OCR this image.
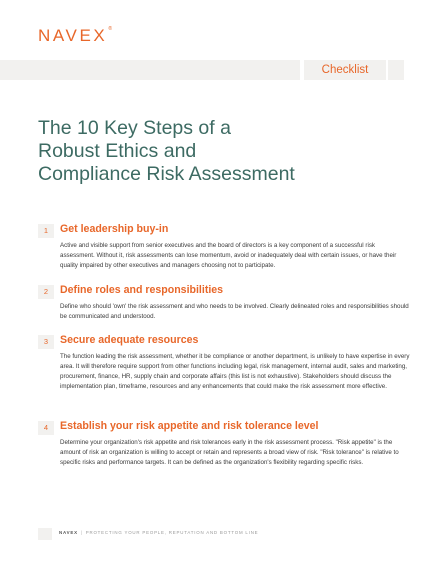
NAVEX®
Checklist
The 10 Key Steps of a Robust Ethics and Compliance Risk Assessment
1	Get leadership buy-in

Active and visible support from senior executives and the board of directors is a key component of a successful risk assessment. Without it, risk assessments can lose momentum, avoid or inadequately deal with certain issues, or have their quality impaired by other executives and managers choosing not to participate.

2	Define roles and responsibilities

Define who should 'own' the risk assessment and who needs to be involved. Clearly delineated roles and responsibilities should be communicated and understood.

3	Secure adequate resources

The function leading the risk assessment, whether it be compliance or another department, is unlikely to have expertise in every area. It will therefore require support from other functions including legal, risk management, internal audit, sales and marketing, procurement, finance, HR, supply chain and corporate affairs (this list is not exhaustive). Stakeholders should discuss the implementation plan, timeframe, resources and any enhancements that could make the risk assessment more effective.

4	Establish your risk appetite and risk tolerance level

Determine your organization's risk appetite and risk tolerances early in the risk assessment process. "Risk appetite" is the amount of risk an organization is willing to accept or retain and represents a broad view of risk. "Risk tolerance" is relative to specific risks and performance targets. It can be defined as the organization's flexibility regarding specific risks.

NAVEX | PROTECTING YOUR PEOPLE, REPUTATION AND BOTTOM LINE
